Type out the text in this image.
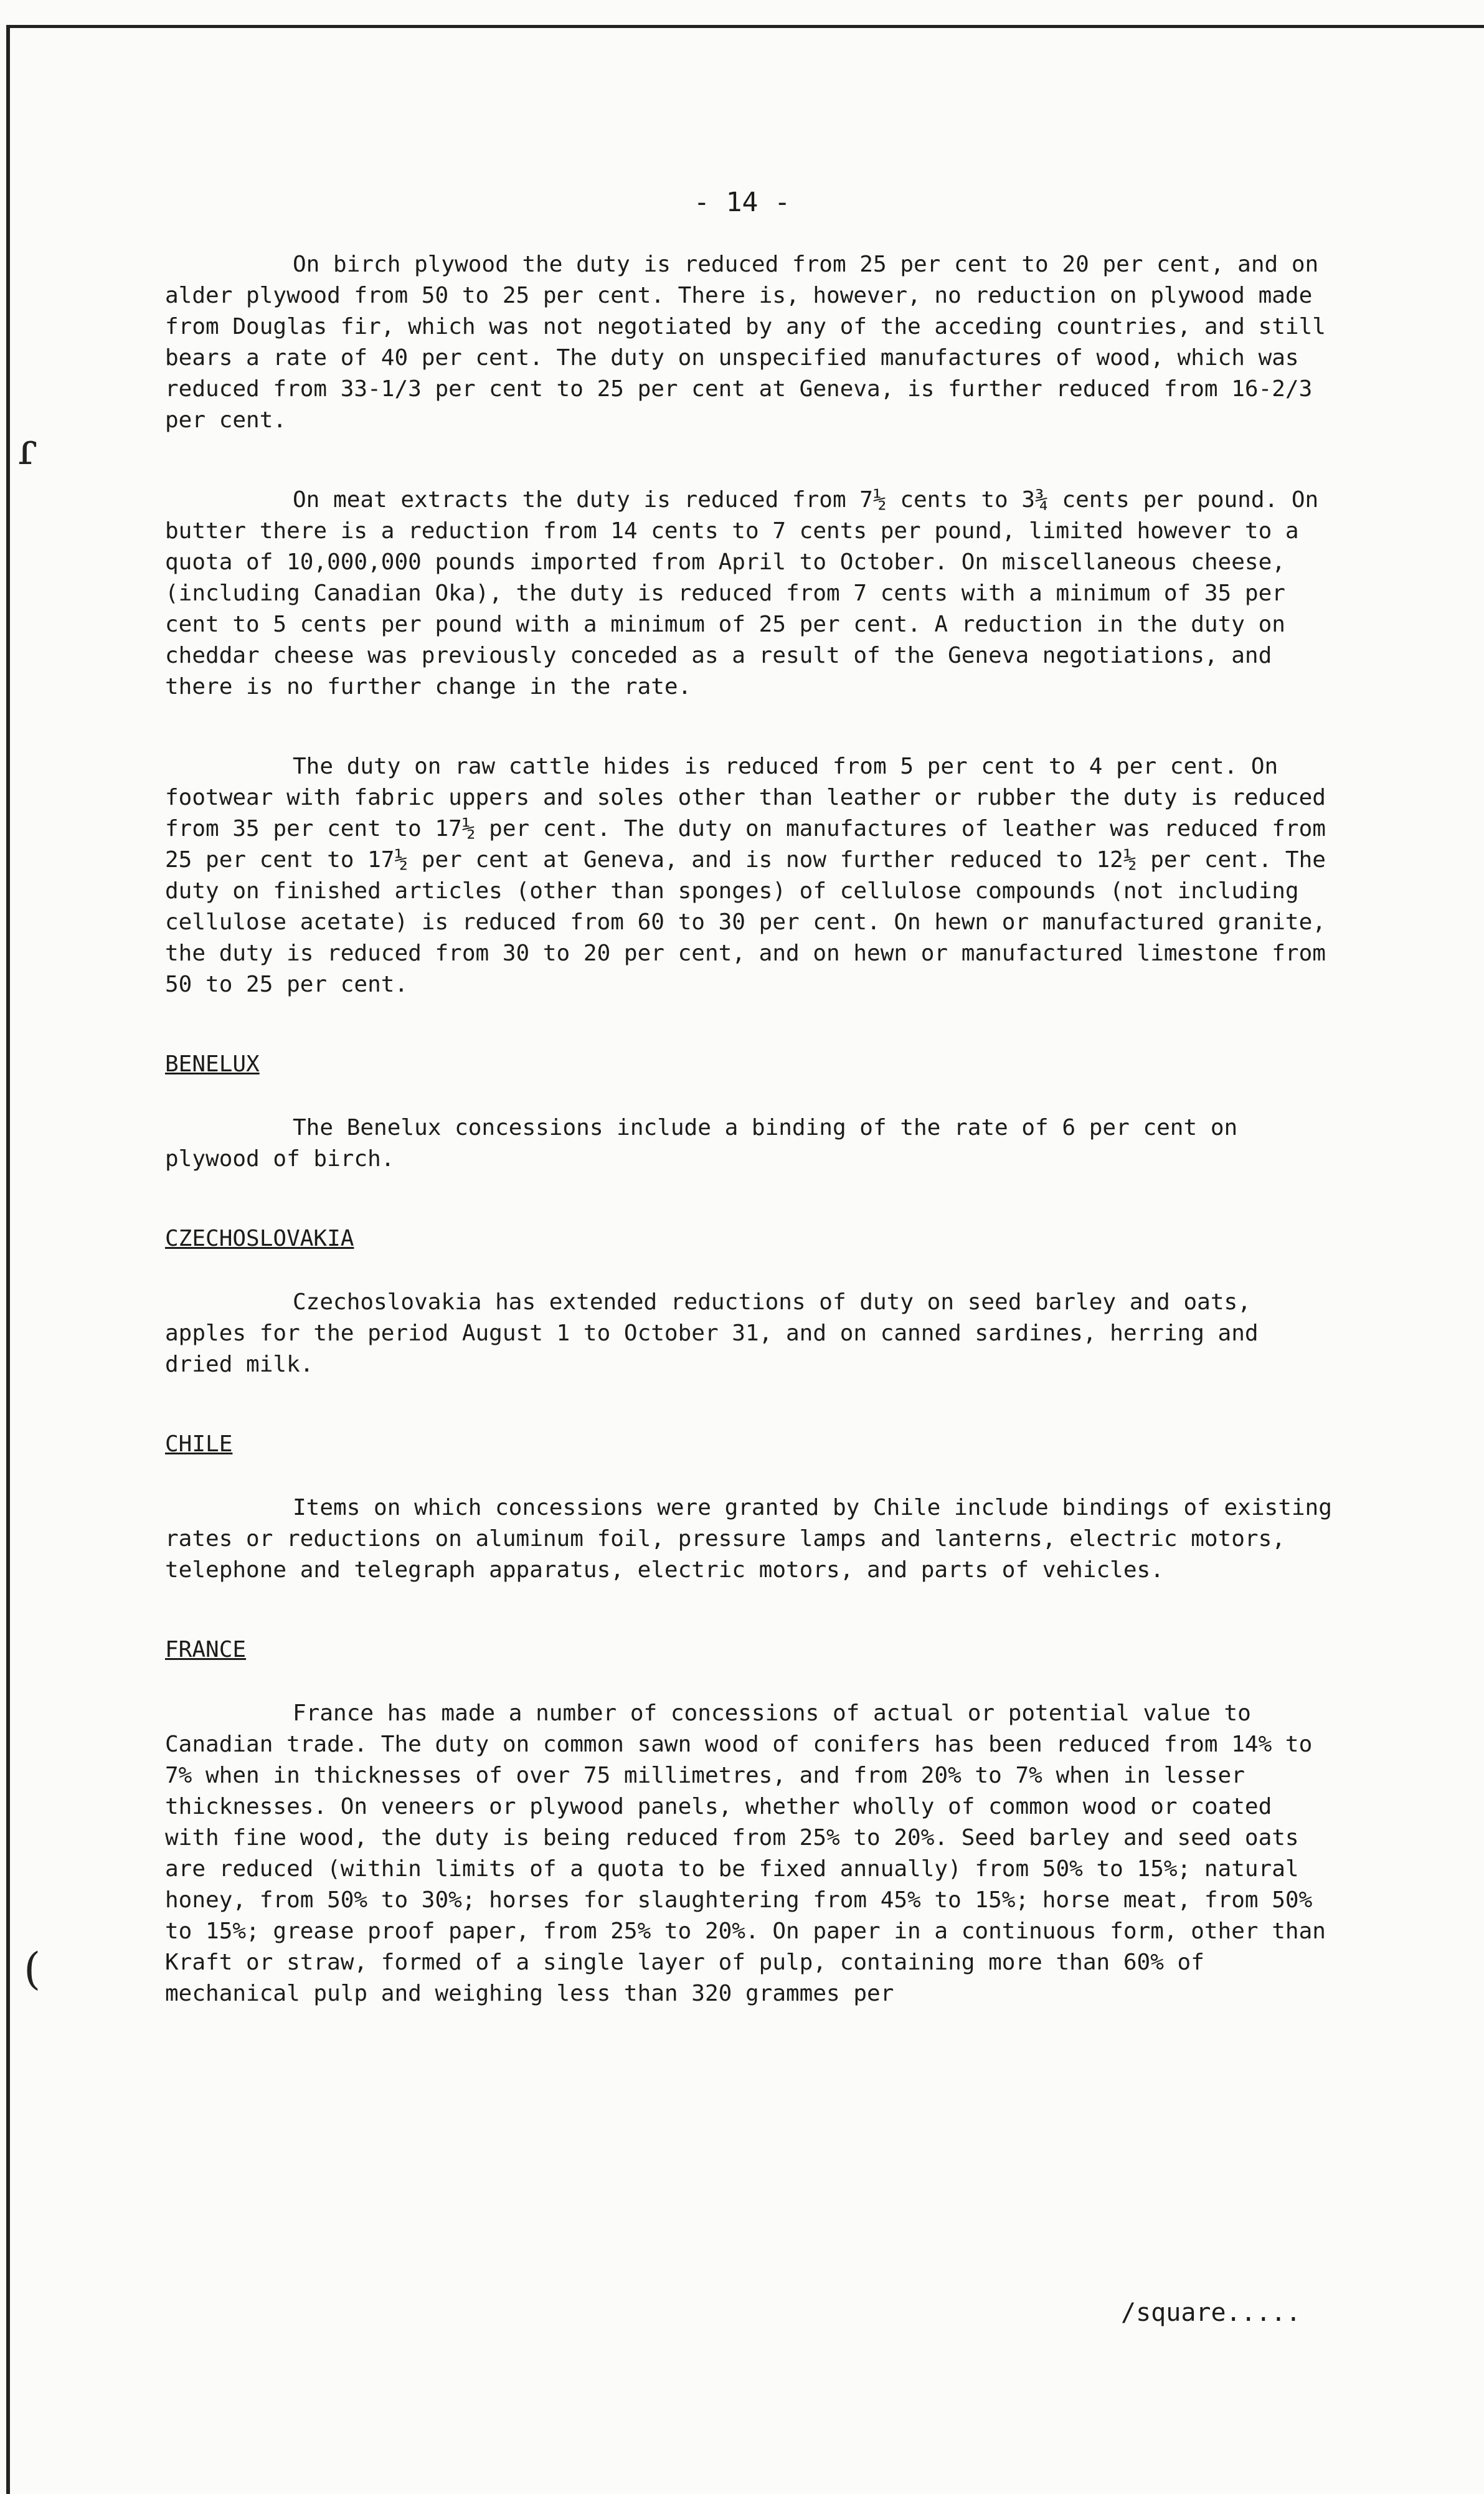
ɾ
(
- 14 -

On birch plywood the duty is reduced from 25 per cent to 20 per cent, and on alder plywood from 50 to 25 per cent. There is, however, no reduction on plywood made from Douglas fir, which was not negotiated by any of the acceding countries, and still bears a rate of 40 per cent. The duty on unspecified manufactures of wood, which was reduced from 33-1/3 per cent to 25 per cent at Geneva, is further reduced from 16-2/3 per cent.

On meat extracts the duty is reduced from 7½ cents to 3¾ cents per pound. On butter there is a reduction from 14 cents to 7 cents per pound, limited however to a quota of 10,000,000 pounds imported from April to October. On miscellaneous cheese, (including Canadian Oka), the duty is reduced from 7 cents with a minimum of 35 per cent to 5 cents per pound with a minimum of 25 per cent. A reduction in the duty on cheddar cheese was previously conceded as a result of the Geneva negotiations, and there is no further change in the rate.

The duty on raw cattle hides is reduced from 5 per cent to 4 per cent. On footwear with fabric uppers and soles other than leather or rubber the duty is reduced from 35 per cent to 17½ per cent. The duty on manufactures of leather was reduced from 25 per cent to 17½ per cent at Geneva, and is now further reduced to 12½ per cent. The duty on finished articles (other than sponges) of cellulose compounds (not including cellulose acetate) is reduced from 60 to 30 per cent. On hewn or manufactured granite, the duty is reduced from 30 to 20 per cent, and on hewn or manufactured limestone from 50 to 25 per cent.

BENELUX

The Benelux concessions include a binding of the rate of 6 per cent on plywood of birch.

CZECHOSLOVAKIA

Czechoslovakia has extended reductions of duty on seed barley and oats, apples for the period August 1 to October 31, and on canned sardines, herring and dried milk.

CHILE

Items on which concessions were granted by Chile include bindings of existing rates or reductions on aluminum foil, pressure lamps and lanterns, electric motors, telephone and telegraph apparatus, electric motors, and parts of vehicles.

FRANCE

France has made a number of concessions of actual or potential value to Canadian trade. The duty on common sawn wood of conifers has been reduced from 14% to 7% when in thicknesses of over 75 millimetres, and from 20% to 7% when in lesser thicknesses. On veneers or plywood panels, whether wholly of common wood or coated with fine wood, the duty is being reduced from 25% to 20%. Seed barley and seed oats are reduced (within limits of a quota to be fixed annually) from 50% to 15%; natural honey, from 50% to 30%; horses for slaughtering from 45% to 15%; horse meat, from 50% to 15%; grease proof paper, from 25% to 20%. On paper in a continuous form, other than Kraft or straw, formed of a single layer of pulp, containing more than 60% of mechanical pulp and weighing less than 320 grammes per

/square.....
